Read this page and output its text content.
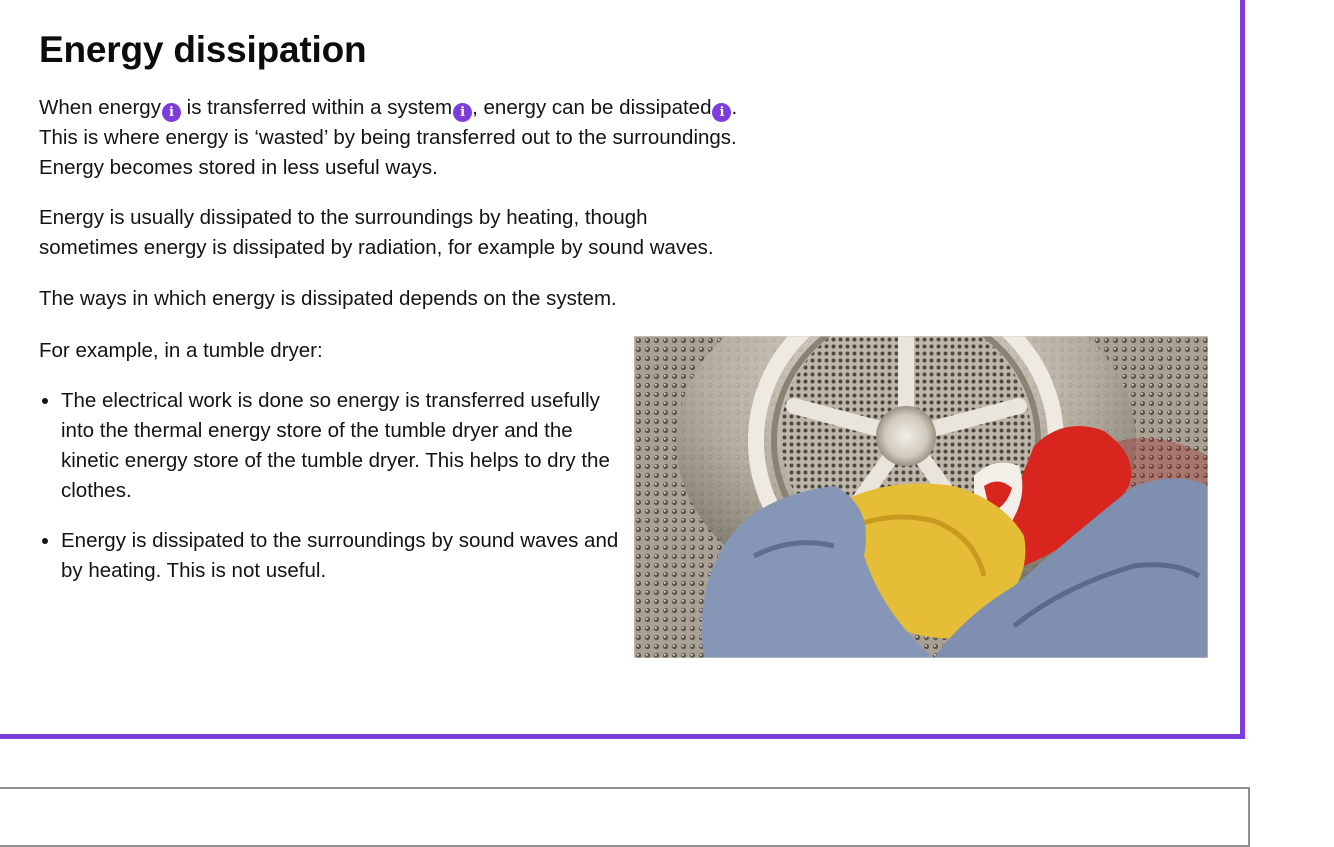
Energy dissipation

When energy i is transferred within a system i , energy can be dissipated i .
This is where energy is ‘wasted’ by being transferred out to the surroundings.
Energy becomes stored in less useful ways.

Energy is usually dissipated to the surroundings by heating, though
sometimes energy is dissipated by radiation, for example by sound waves.

The ways in which energy is dissipated depends on the system.

For example, in a tumble dryer:

• The electrical work is done so energy is transferred usefully into the thermal energy store of the tumble dryer and the kinetic energy store of the tumble dryer. This helps to dry the clothes.
• Energy is dissipated to the surroundings by sound waves and by heating. This is not useful.
